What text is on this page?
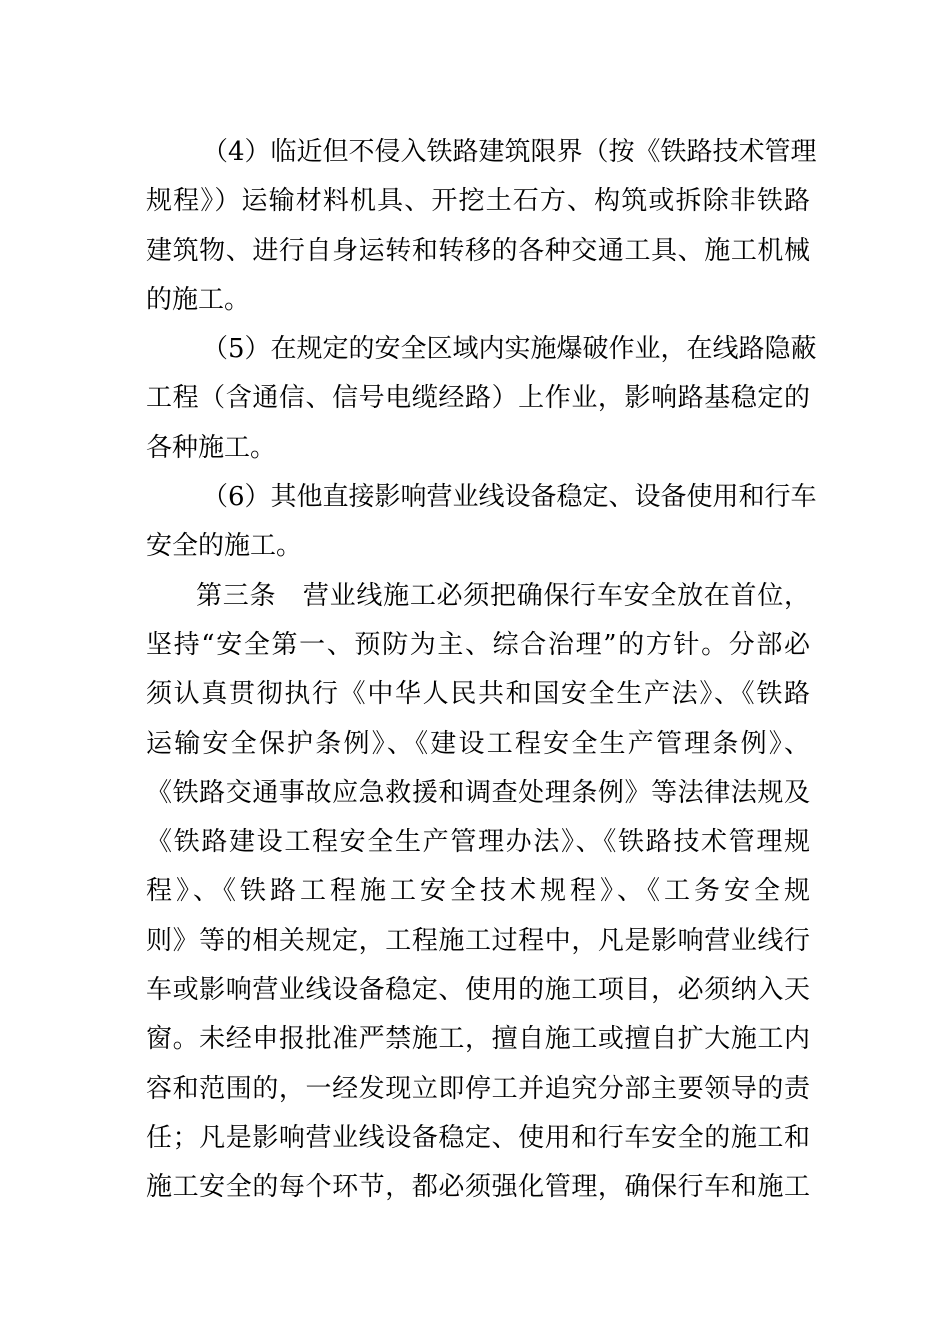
（4）临近但不侵入铁路建筑限界（按《铁路技术管理
规程》）运输材料机具、开挖土石方、构筑或拆除非铁路
建筑物、进行自身运转和转移的各种交通工具、施工机械
的施工。
（5）在规定的安全区域内实施爆破作业，在线路隐蔽
工程（含通信、信号电缆经路）上作业，影响路基稳定的
各种施工。
（6）其他直接影响营业线设备稳定、设备使用和行车
安全的施工。
第三条　营业线施工必须把确保行车安全放在首位，
坚持“安全第一、预防为主、综合治理”的方针。分部必
须认真贯彻执行《中华人民共和国安全生产法》、《铁路
运输安全保护条例》、《建设工程安全生产管理条例》、
《铁路交通事故应急救援和调查处理条例》等法律法规及
《铁路建设工程安全生产管理办法》、《铁路技术管理规
程》、《铁路工程施工安全技术规程》、《工务安全规
则》等的相关规定，工程施工过程中，凡是影响营业线行
车或影响营业线设备稳定、使用的施工项目，必须纳入天
窗。未经申报批准严禁施工，擅自施工或擅自扩大施工内
容和范围的，一经发现立即停工并追究分部主要领导的责
任；凡是影响营业线设备稳定、使用和行车安全的施工和
施工安全的每个环节，都必须强化管理，确保行车和施工
